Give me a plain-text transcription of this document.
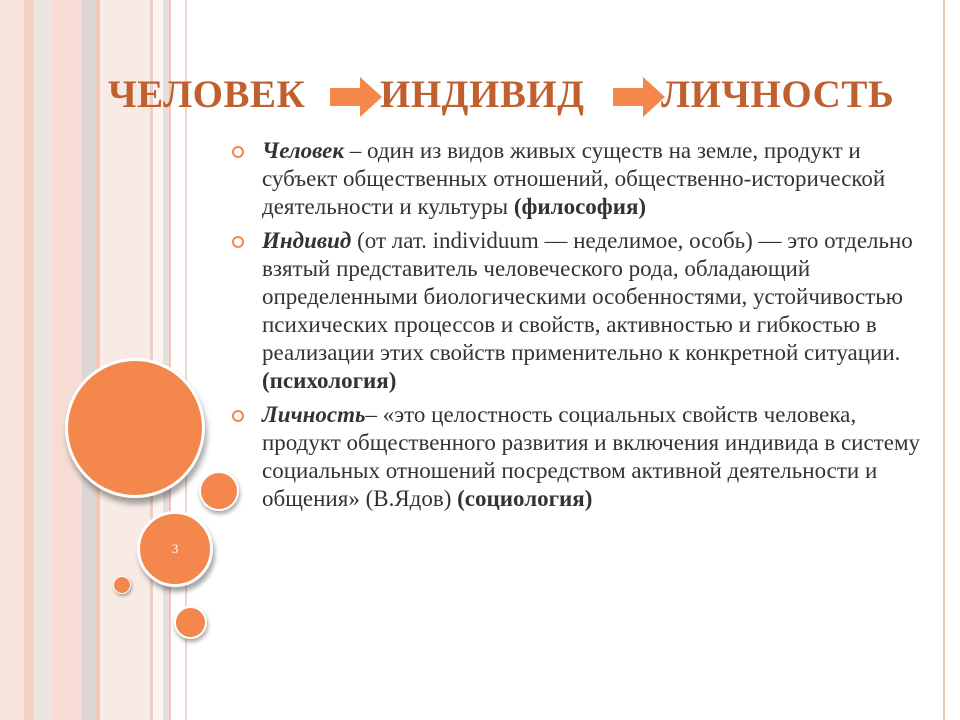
3
ЧЕЛОВЕК ИНДИВИД ЛИЧНОСТЬ
Человек – один из видов живых существ на земле, продукт и субъект общественных отношений, общественно-исторической деятельности и культуры (философия)
Индивид (от лат. individuum — неделимое, особь) — это отдельно взятый представитель человеческого рода, обладающий определенными биологическими особенностями, устойчивостью психических процессов и свойств, активностью и гибкостью в реализации этих свойств применительно к конкретной ситуации. (психология)
Личность– «это целостность социальных свойств человека, продукт общественного развития и включения индивида в систему социальных отношений посредством активной деятельности и общения» (В.Ядов) (социология)
